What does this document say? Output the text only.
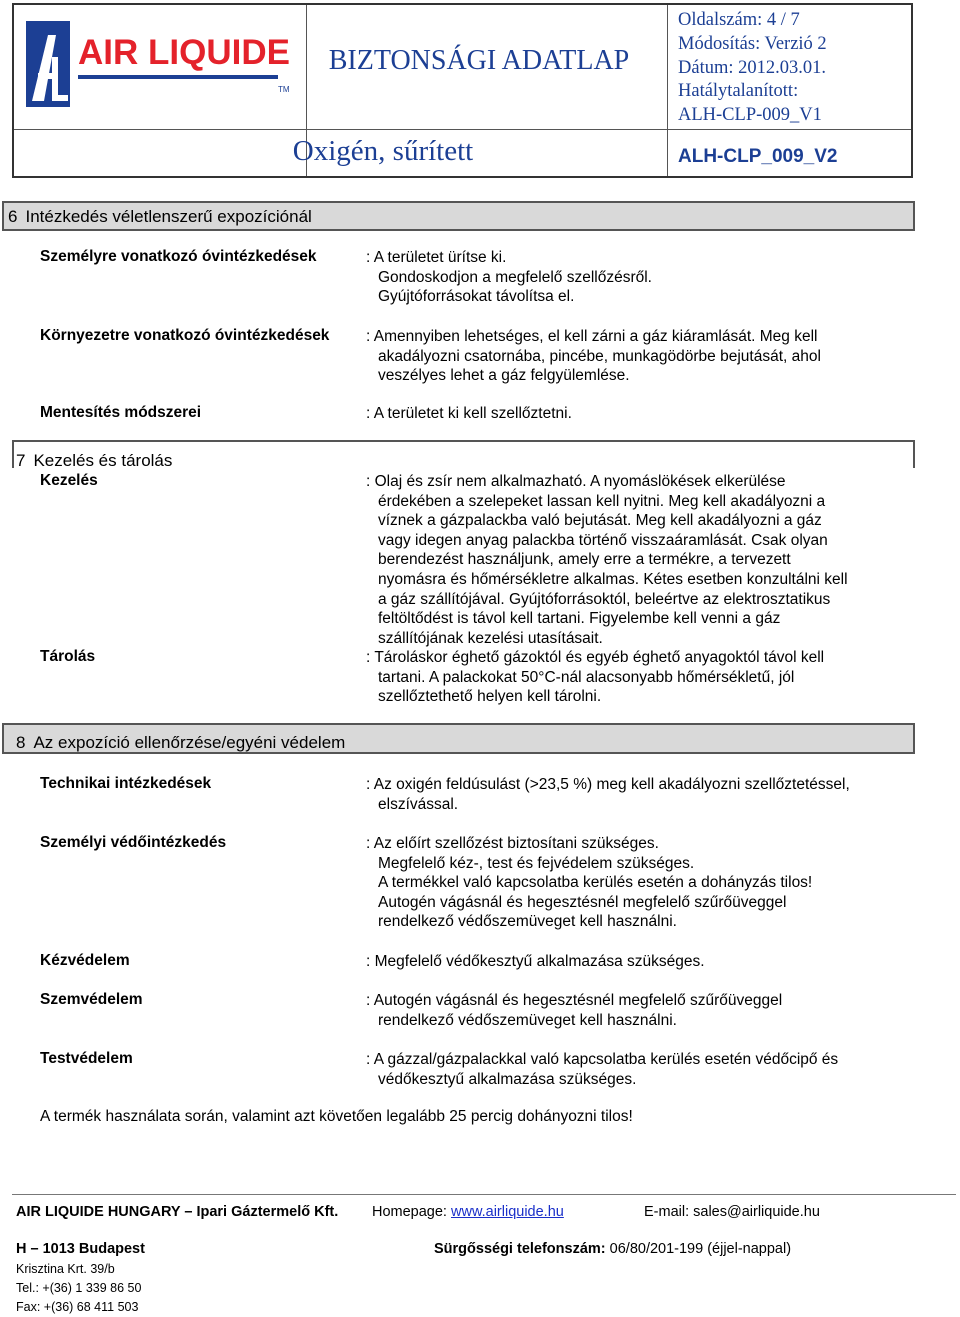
AIR LIQUIDE
TM
BIZTONSÁGI ADATLAP
Oxigén, sűrített
Oldalszám: 4 / 7
Módosítás: Verzió 2
Dátum: 2012.03.01.
Hatálytalanított:
ALH-CLP-009_V1
ALH-CLP_009_V2
6 Intézkedés véletlenszerű expozíciónál
Személyre vonatkozó óvintézkedések	: A területet ürítse ki.
Gondoskodjon a megfelelő szellőzésről.
Gyújtóforrásokat távolítsa el.
Környezetre vonatkozó óvintézkedések : Amennyiben lehetséges, el kell zárni a gáz kiáramlását. Meg kell
akadályozni csatornába, pincébe, munkagödörbe bejutását, ahol
veszélyes lehet a gáz felgyülemlése.
Mentesítés módszerei	: A területet ki kell szellőztetni.
7 Kezelés és tárolás
Kezelés	: Olaj és zsír nem alkalmazható. A nyomáslökések elkerülése
érdekében a szelepeket lassan kell nyitni. Meg kell akadályozni a
víznek a gázpalackba való bejutását. Meg kell akadályozni a gáz
vagy idegen anyag palackba történő visszaáramlását. Csak olyan
berendezést használjunk, amely erre a termékre, a tervezett
nyomásra és hőmérsékletre alkalmas. Kétes esetben konzultálni kell
a gáz szállítójával. Gyújtóforrásoktól, beleértve az elektrosztatikus
feltöltődést is távol kell tartani. Figyelembe kell venni a gáz
szállítójának kezelési utasításait.
Tárolás	: Tároláskor éghető gázoktól és egyéb éghető anyagoktól távol kell
tartani. A palackokat 50°C-nál alacsonyabb hőmérsékletű, jól
szellőztethető helyen kell tárolni.
8 Az expozíció ellenőrzése/egyéni védelem
Technikai intézkedések	: Az oxigén feldúsulást (>23,5 %) meg kell akadályozni szellőztetéssel,
elszívással.
Személyi védőintézkedés	: Az előírt szellőzést biztosítani szükséges.
Megfelelő kéz-, test és fejvédelem szükséges.
A termékkel való kapcsolatba kerülés esetén a dohányzás tilos!
Autogén vágásnál és hegesztésnél megfelelő szűrőüveggel
rendelkező védőszemüveget kell használni.
Kézvédelem	: Megfelelő védőkesztyű alkalmazása szükséges.
Szemvédelem	: Autogén vágásnál és hegesztésnél megfelelő szűrőüveggel
rendelkező védőszemüveget kell használni.
Testvédelem	: A gázzal/gázpalackkal való kapcsolatba kerülés esetén védőcipő és
védőkesztyű alkalmazása szükséges.
A termék használata során, valamint azt követően legalább 25 percig dohányozni tilos!
AIR LIQUIDE HUNGARY – Ipari Gáztermelő Kft. Homepage: www.airliquide.hu	E-mail: sales@airliquide.hu
H – 1013 Budapest	Sürgősségi telefonszám: 06/80/201-199 (éjjel-nappal)
Krisztina Krt. 39/b
Tel.: +(36) 1 339 86 50
Fax: +(36) 68 411 503
